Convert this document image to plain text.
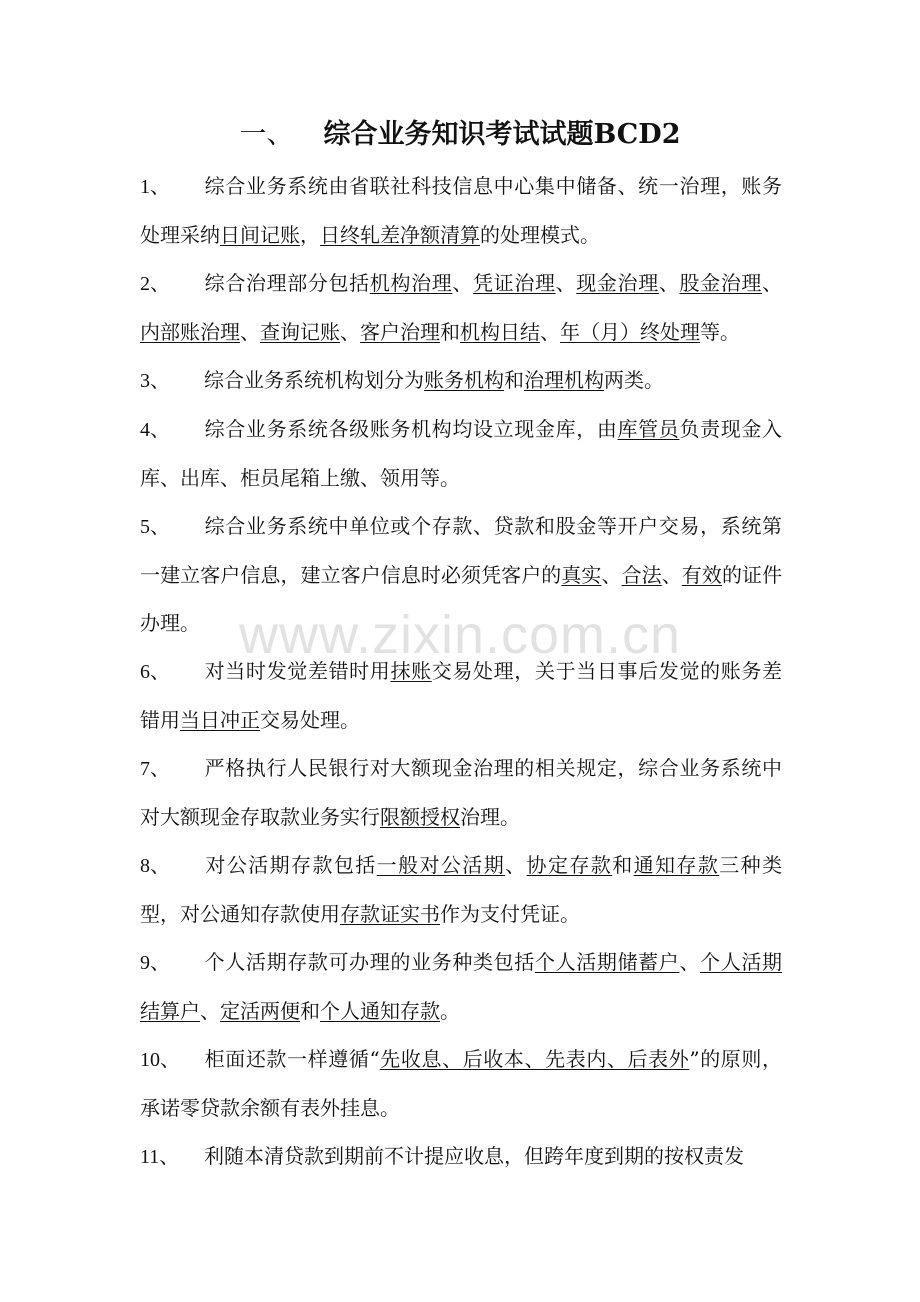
一、 综合业务知识考试试题BCD2

1、 综合业务系统由省联社科技信息中心集中储备、统一治理，账务处理采纳日间记账，日终轧差净额清算的处理模式。

2、 综合治理部分包括机构治理、凭证治理、现金治理、股金治理、内部账治理、查询记账、客户治理和机构日结、年（月）终处理等。

3、 综合业务系统机构划分为账务机构和治理机构两类。

4、 综合业务系统各级账务机构均设立现金库，由库管员负责现金入库、出库、柜员尾箱上缴、领用等。

5、 综合业务系统中单位或个存款、贷款和股金等开户交易，系统第一建立客户信息，建立客户信息时必须凭客户的真实、合法、有效的证件办理。

6、 对当时发觉差错时用抹账交易处理，关于当日事后发觉的账务差错用当日冲正交易处理。

7、 严格执行人民银行对大额现金治理的相关规定，综合业务系统中对大额现金存取款业务实行限额授权治理。

8、 对公活期存款包括一般对公活期、协定存款和通知存款三种类型，对公通知存款使用存款证实书作为支付凭证。

9、 个人活期存款可办理的业务种类包括个人活期储蓄户、个人活期结算户、定活两便和个人通知存款。

10、 柜面还款一样遵循“先收息、后收本、先表内、后表外”的原则，承诺零贷款余额有表外挂息。

11、 利随本清贷款到期前不计提应收息，但跨年度到期的按权责发

www.zixin.com.cn
